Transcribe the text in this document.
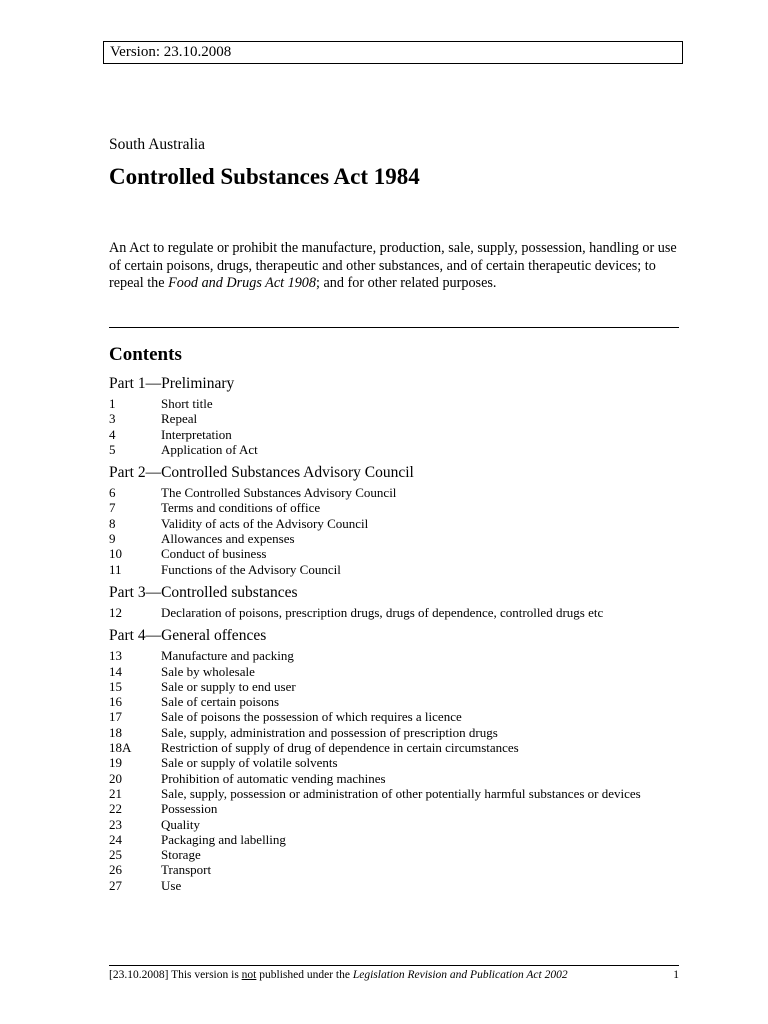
Version: 23.10.2008
South Australia
Controlled Substances Act 1984
An Act to regulate or prohibit the manufacture, production, sale, supply, possession, handling or use of certain poisons, drugs, therapeutic and other substances, and of certain therapeutic devices; to repeal the Food and Drugs Act 1908; and for other related purposes.
Contents
Part 1—Preliminary
1	Short title
3	Repeal
4	Interpretation
5	Application of Act
Part 2—Controlled Substances Advisory Council
6	The Controlled Substances Advisory Council
7	Terms and conditions of office
8	Validity of acts of the Advisory Council
9	Allowances and expenses
10	Conduct of business
11	Functions of the Advisory Council
Part 3—Controlled substances
12	Declaration of poisons, prescription drugs, drugs of dependence, controlled drugs etc
Part 4—General offences
13	Manufacture and packing
14	Sale by wholesale
15	Sale or supply to end user
16	Sale of certain poisons
17	Sale of poisons the possession of which requires a licence
18	Sale, supply, administration and possession of prescription drugs
18A	Restriction of supply of drug of dependence in certain circumstances
19	Sale or supply of volatile solvents
20	Prohibition of automatic vending machines
21	Sale, supply, possession or administration of other potentially harmful substances or devices
22	Possession
23	Quality
24	Packaging and labelling
25	Storage
26	Transport
27	Use
[23.10.2008] This version is not published under the Legislation Revision and Publication Act 2002	1
